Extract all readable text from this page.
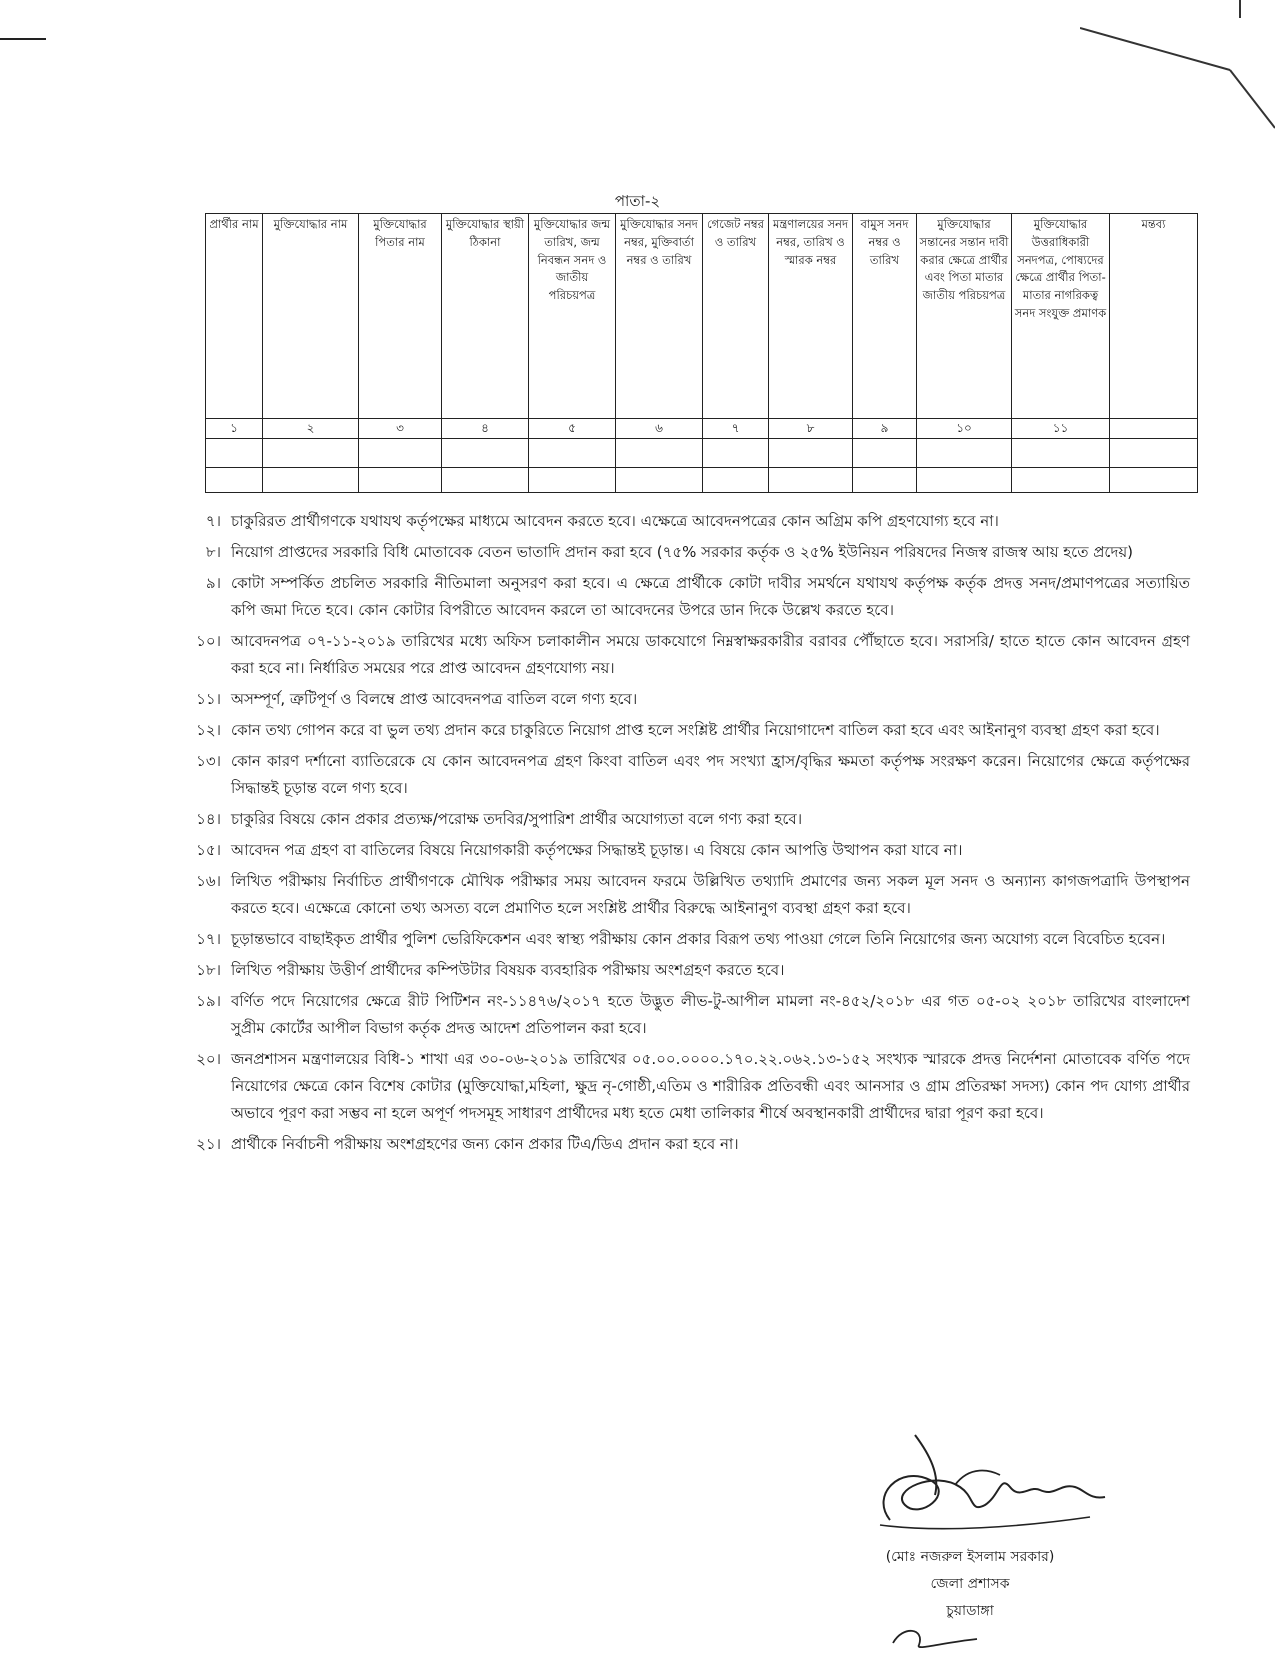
পাতা-২
প্রার্থীর নাম	মুক্তিযোদ্ধার নাম	মুক্তিযোদ্ধার পিতার নাম	মুক্তিযোদ্ধার স্থায়ী ঠিকানা	মুক্তিযোদ্ধার জন্ম তারিখ, জন্ম নিবন্ধন সনদ ও জাতীয় পরিচয়পত্র	মুক্তিযোদ্ধার সনদ নম্বর, মুক্তিবার্তা নম্বর ও তারিখ	গেজেট নম্বর ও তারিখ	মন্ত্রণালয়ের সনদ নম্বর, তারিখ ও স্মারক নম্বর	বামুস সনদ নম্বর ও তারিখ	মুক্তিযোদ্ধার সন্তানের সন্তান দাবী করার ক্ষেত্রে প্রার্থীর এবং পিতা মাতার জাতীয় পরিচয়পত্র	মুক্তিযোদ্ধার উত্তরাধিকারী সনদপত্র, পোষ্যদের ক্ষেত্রে প্রার্থীর পিতা-মাতার নাগরিকত্ব সনদ সংযুক্ত প্রমাণক	মন্তব্য
১	২	৩	৪	৫	৬	৭	৮	৯	১০	১১	

৭। চাকুরিরত প্রার্থীগণকে যথাযথ কর্তৃপক্ষের মাধ্যমে আবেদন করতে হবে। এক্ষেত্রে আবেদনপত্রের কোন অগ্রিম কপি গ্রহণযোগ্য হবে না।
৮। নিয়োগ প্রাপ্তদের সরকারি বিধি মোতাবেক বেতন ভাতাদি প্রদান করা হবে (৭৫% সরকার কর্তৃক ও ২৫% ইউনিয়ন পরিষদের নিজস্ব রাজস্ব আয় হতে প্রদেয়)
৯। কোটা সম্পর্কিত প্রচলিত সরকারি নীতিমালা অনুসরণ করা হবে। এ ক্ষেত্রে প্রার্থীকে কোটা দাবীর সমর্থনে যথাযথ কর্তৃপক্ষ কর্তৃক প্রদত্ত সনদ/প্রমাণপত্রের সত্যায়িত কপি জমা দিতে হবে। কোন কোটার বিপরীতে আবেদন করলে তা আবেদনের উপরে ডান দিকে উল্লেখ করতে হবে।
১০। আবেদনপত্র ০৭-১১-২০১৯ তারিখের মধ্যে অফিস চলাকালীন সময়ে ডাকযোগে নিম্নস্বাক্ষরকারীর বরাবর পৌঁছাতে হবে। সরাসরি/ হাতে হাতে কোন আবেদন গ্রহণ করা হবে না। নির্ধারিত সময়ের পরে প্রাপ্ত আবেদন গ্রহণযোগ্য নয়।
১১। অসম্পূর্ণ, ত্রুটিপূর্ণ ও বিলম্বে প্রাপ্ত আবেদনপত্র বাতিল বলে গণ্য হবে।
১২। কোন তথ্য গোপন করে বা ভুল তথ্য প্রদান করে চাকুরিতে নিয়োগ প্রাপ্ত হলে সংশ্লিষ্ট প্রার্থীর নিয়োগাদেশ বাতিল করা হবে এবং আইনানুগ ব্যবস্থা গ্রহণ করা হবে।
১৩। কোন কারণ দর্শানো ব্যাতিরেকে যে কোন আবেদনপত্র গ্রহণ কিংবা বাতিল এবং পদ সংখ্যা হ্রাস/বৃদ্ধির ক্ষমতা কর্তৃপক্ষ সংরক্ষণ করেন। নিয়োগের ক্ষেত্রে কর্তৃপক্ষের সিদ্ধান্তই চূড়ান্ত বলে গণ্য হবে।
১৪। চাকুরির বিষয়ে কোন প্রকার প্রত্যক্ষ/পরোক্ষ তদবির/সুপারিশ প্রার্থীর অযোগ্যতা বলে গণ্য করা হবে।
১৫। আবেদন পত্র গ্রহণ বা বাতিলের বিষয়ে নিয়োগকারী কর্তৃপক্ষের সিদ্ধান্তই চূড়ান্ত। এ বিষয়ে কোন আপত্তি উত্থাপন করা যাবে না।
১৬। লিখিত পরীক্ষায় নির্বাচিত প্রার্থীগণকে মৌখিক পরীক্ষার সময় আবেদন ফরমে উল্লিখিত তথ্যাদি প্রমাণের জন্য সকল মূল সনদ ও অন্যান্য কাগজপত্রাদি উপস্থাপন করতে হবে। এক্ষেত্রে কোনো তথ্য অসত্য বলে প্রমাণিত হলে সংশ্লিষ্ট প্রার্থীর বিরুদ্ধে আইনানুগ ব্যবস্থা গ্রহণ করা হবে।
১৭। চূড়ান্তভাবে বাছাইকৃত প্রার্থীর পুলিশ ভেরিফিকেশন এবং স্বাস্থ্য পরীক্ষায় কোন প্রকার বিরূপ তথ্য পাওয়া গেলে তিনি নিয়োগের জন্য অযোগ্য বলে বিবেচিত হবেন।
১৮। লিখিত পরীক্ষায় উত্তীর্ণ প্রার্থীদের কম্পিউটার বিষয়ক ব্যবহারিক পরীক্ষায় অংশগ্রহণ করতে হবে।
১৯। বর্ণিত পদে নিয়োগের ক্ষেত্রে রীট পিটিশন নং-১১৪৭৬/২০১৭ হতে উদ্ভুত লীভ-টু-আপীল মামলা নং-৪৫২/২০১৮ এর গত ০৫-০২ ২০১৮ তারিখের বাংলাদেশ সুপ্রীম কোর্টের আপীল বিভাগ কর্তৃক প্রদত্ত আদেশ প্রতিপালন করা হবে।
২০। জনপ্রশাসন মন্ত্রণালয়ের বিধি-১ শাখা এর ৩০-০৬-২০১৯ তারিখের ০৫.০০.০০০০.১৭০.২২.০৬২.১৩-১৫২ সংখ্যক স্মারকে প্রদত্ত নির্দেশনা মোতাবেক বর্ণিত পদে নিয়োগের ক্ষেত্রে কোন বিশেষ কোটার (মুক্তিযোদ্ধা,মহিলা, ক্ষুদ্র নৃ-গোষ্ঠী,এতিম ও শারীরিক প্রতিবন্ধী এবং আনসার ও গ্রাম প্রতিরক্ষা সদস্য) কোন পদ যোগ্য প্রার্থীর অভাবে পূরণ করা সম্ভব না হলে অপূর্ণ পদসমূহ সাধারণ প্রার্থীদের মধ্য হতে মেধা তালিকার শীর্ষে অবস্থানকারী প্রার্থীদের দ্বারা পূরণ করা হবে।
২১। প্রার্থীকে নির্বাচনী পরীক্ষায় অংশগ্রহণের জন্য কোন প্রকার টিএ/ডিএ প্রদান করা হবে না।
(মোঃ নজরুল ইসলাম সরকার)
জেলা প্রশাসক
চুয়াডাঙ্গা
